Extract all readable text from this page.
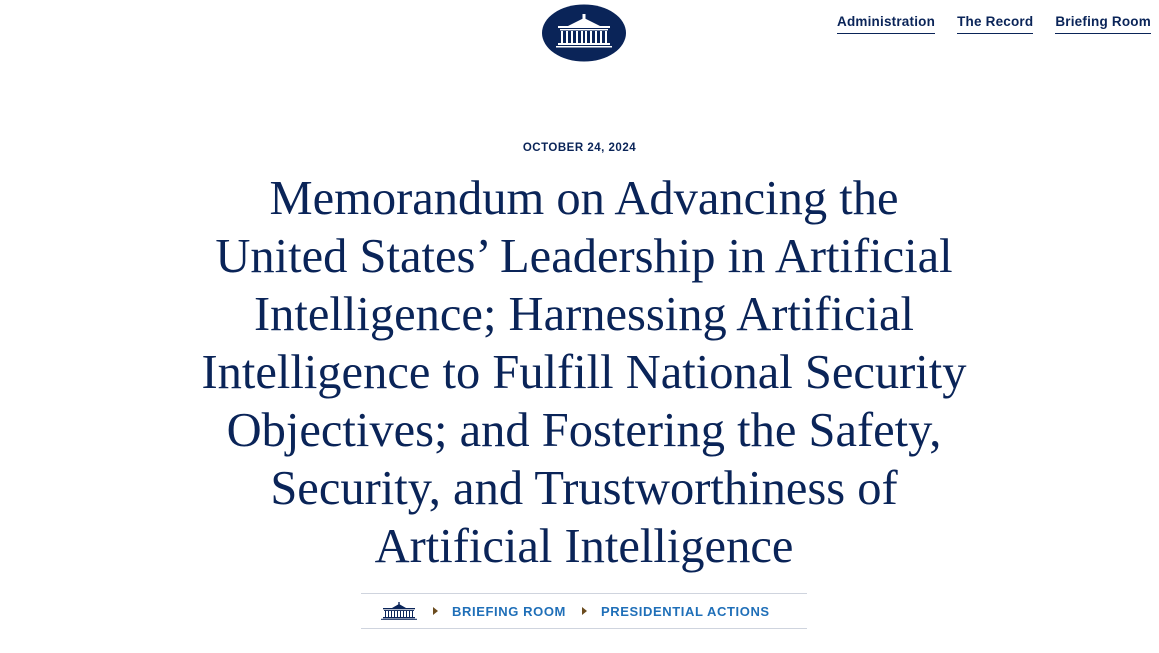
Administration The Record Briefing Room
OCTOBER 24, 2024
Memorandum on Advancing the
United States’ Leadership in Artificial
Intelligence; Harnessing Artificial
Intelligence to Fulfill National Security
Objectives; and Fostering the Safety,
Security, and Trustworthiness of
Artificial Intelligence
BRIEFING ROOM	PRESIDENTIAL ACTIONS
